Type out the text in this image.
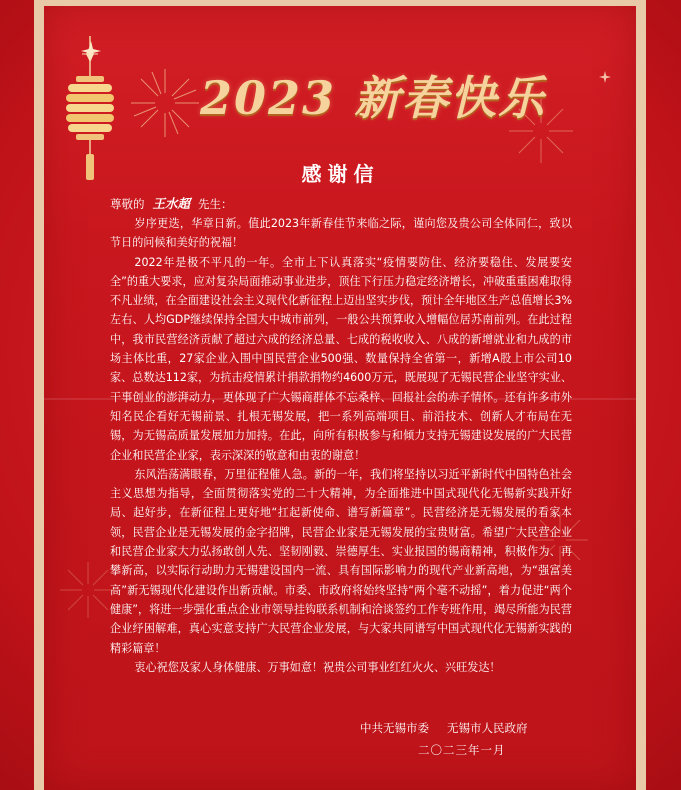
2023 新春快乐
感谢信
尊敬的 王水超 先生：

岁序更迭，华章日新。值此2023年新春佳节来临之际，谨向您及贵公司全体同仁，致以节日的问候和美好的祝福！

2022年是极不平凡的一年。全市上下认真落实“疫情要防住、经济要稳住、发展要安全”的重大要求，应对复杂局面推动事业进步，顶住下行压力稳定经济增长，冲破重重困难取得不凡业绩，在全面建设社会主义现代化新征程上迈出坚实步伐，预计全年地区生产总值增长3%左右、人均GDP继续保持全国大中城市前列，一般公共预算收入增幅位居苏南前列。在此过程中，我市民营经济贡献了超过六成的经济总量、七成的税收收入、八成的新增就业和九成的市场主体比重，27家企业入围中国民营企业500强、数量保持全省第一，新增A股上市公司10家、总数达112家，为抗击疫情累计捐款捐物约4600万元，既展现了无锡民营企业坚守实业、干事创业的澎湃动力，更体现了广大锡商群体不忘桑梓、回报社会的赤子情怀。还有许多市外知名民企看好无锡前景、扎根无锡发展，把一系列高端项目、前沿技术、创新人才布局在无锡，为无锡高质量发展加力加持。在此，向所有积极参与和倾力支持无锡建设发展的广大民营企业和民营企业家，表示深深的敬意和由衷的谢意！

东风浩荡满眼春，万里征程催人急。新的一年，我们将坚持以习近平新时代中国特色社会主义思想为指导，全面贯彻落实党的二十大精神，为全面推进中国式现代化无锡新实践开好局、起好步，在新征程上更好地“扛起新使命、谱写新篇章”。民营经济是无锡发展的看家本领，民营企业是无锡发展的金字招牌，民营企业家是无锡发展的宝贵财富。希望广大民营企业和民营企业家大力弘扬敢创人先、坚韧刚毅、崇德厚生、实业报国的锡商精神，积极作为、再攀新高，以实际行动助力无锡建设国内一流、具有国际影响力的现代产业新高地，为“强富美高”新无锡现代化建设作出新贡献。市委、市政府将始终坚持“两个毫不动摇”，着力促进“两个健康”，将进一步强化重点企业市领导挂钩联系机制和洽谈签约工作专班作用，竭尽所能为民营企业纾困解难，真心实意支持广大民营企业发展，与大家共同谱写中国式现代化无锡新实践的精彩篇章！

衷心祝您及家人身体健康、万事如意！祝贵公司事业红红火火、兴旺发达！

中共无锡市委 无锡市人民政府
二〇二三年一月
